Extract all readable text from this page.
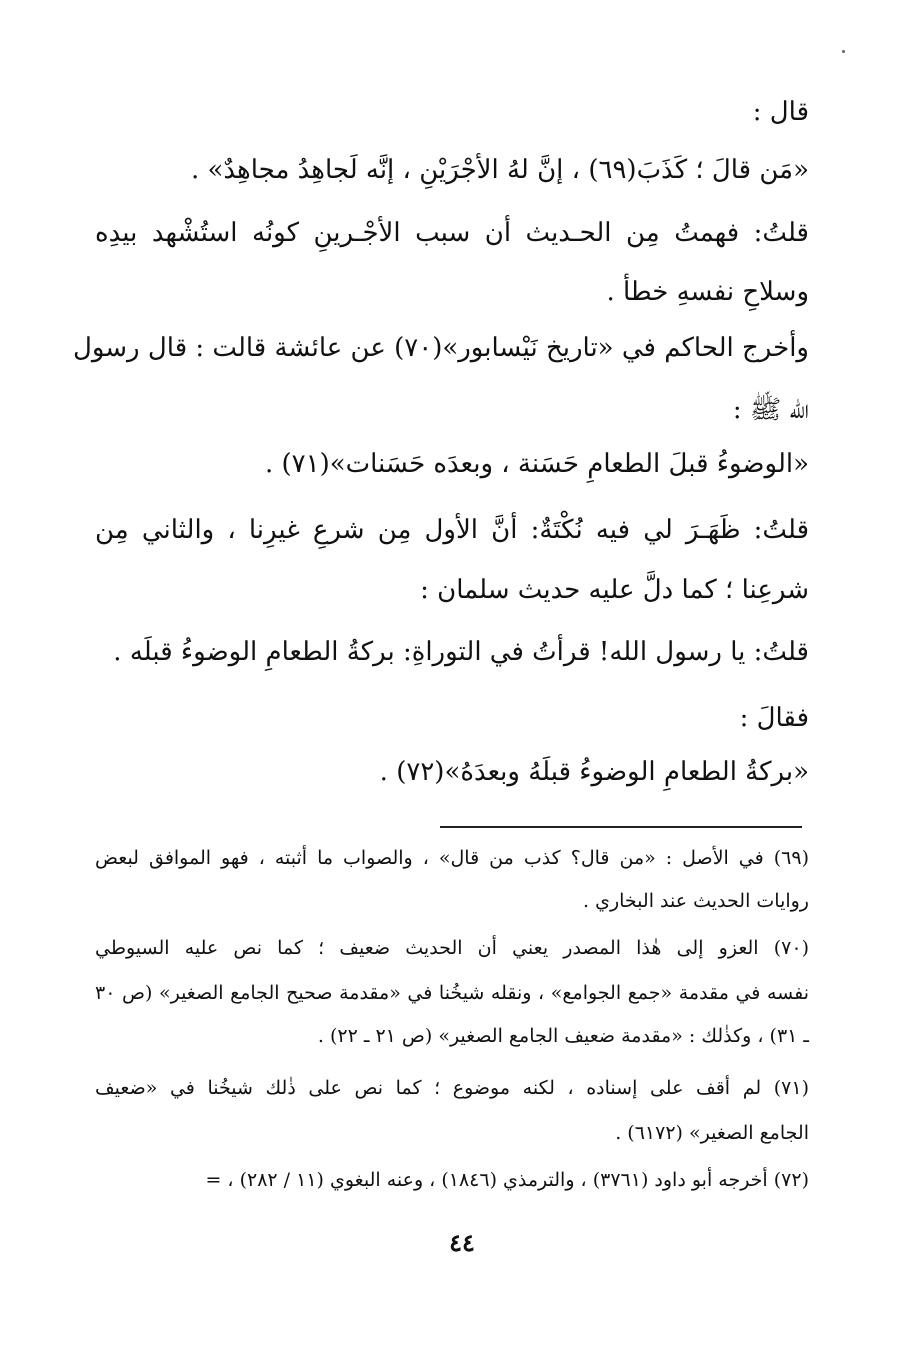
قال :
«مَن قالَ ؛ كَذَبَ(٦٩) ، إنَّ لهُ الأجْرَيْنِ ، إنَّه لَجاهِدُ مجاهِدٌ» .
قلتُ: فهمتُ مِن الحـديث أن سبب الأجْـرينِ كونُه استُشْهد بيدِه
وسلاحِ نفسهِ خطأ .
وأخرج الحاكم في «تاريخ نَيْسابور»(٧٠) عن عائشة قالت : قال رسول
الله ﷺ :
«الوضوءُ قبلَ الطعامِ حَسَنة ، وبعدَه حَسَنات»(٧١) .
قلتُ: ظَهَـرَ لي فيه نُكْتَةٌ: أنَّ الأول مِن شرعِ غيرِنا ، والثاني مِن
شرعِنا ؛ كما دلَّ عليه حديث سلمان :
قلتُ: يا رسول الله! قرأتُ في التوراةِ: بركةُ الطعامِ الوضوءُ قبلَه .
فقالَ :
«بركةُ الطعامِ الوضوءُ قبلَهُ وبعدَهُ»(٧٢) .
(٦٩) في الأصل : «من قال؟ كذب من قال» ، والصواب ما أثبته ، فهو الموافق لبعض
روايات الحديث عند البخاري .
(٧٠) العزو إلى هٰذا المصدر يعني أن الحديث ضعيف ؛ كما نص عليه السيوطي
نفسه في مقدمة «جمع الجوامع» ، ونقله شيخُنا في «مقدمة صحيح الجامع الصغير» (ص ٣٠
ـ ٣١) ، وكذٰلك : «مقدمة ضعيف الجامع الصغير» (ص ٢١ ـ ٢٢) .
(٧١) لم أقف على إسناده ، لكنه موضوع ؛ كما نص على ذٰلك شيخُنا في «ضعيف
الجامع الصغير» (٦١٧٢) .
(٧٢) أخرجه أبو داود (٣٧٦١) ، والترمذي (١٨٤٦) ، وعنه البغوي (١١ / ٢٨٢) ، =
٤٤
